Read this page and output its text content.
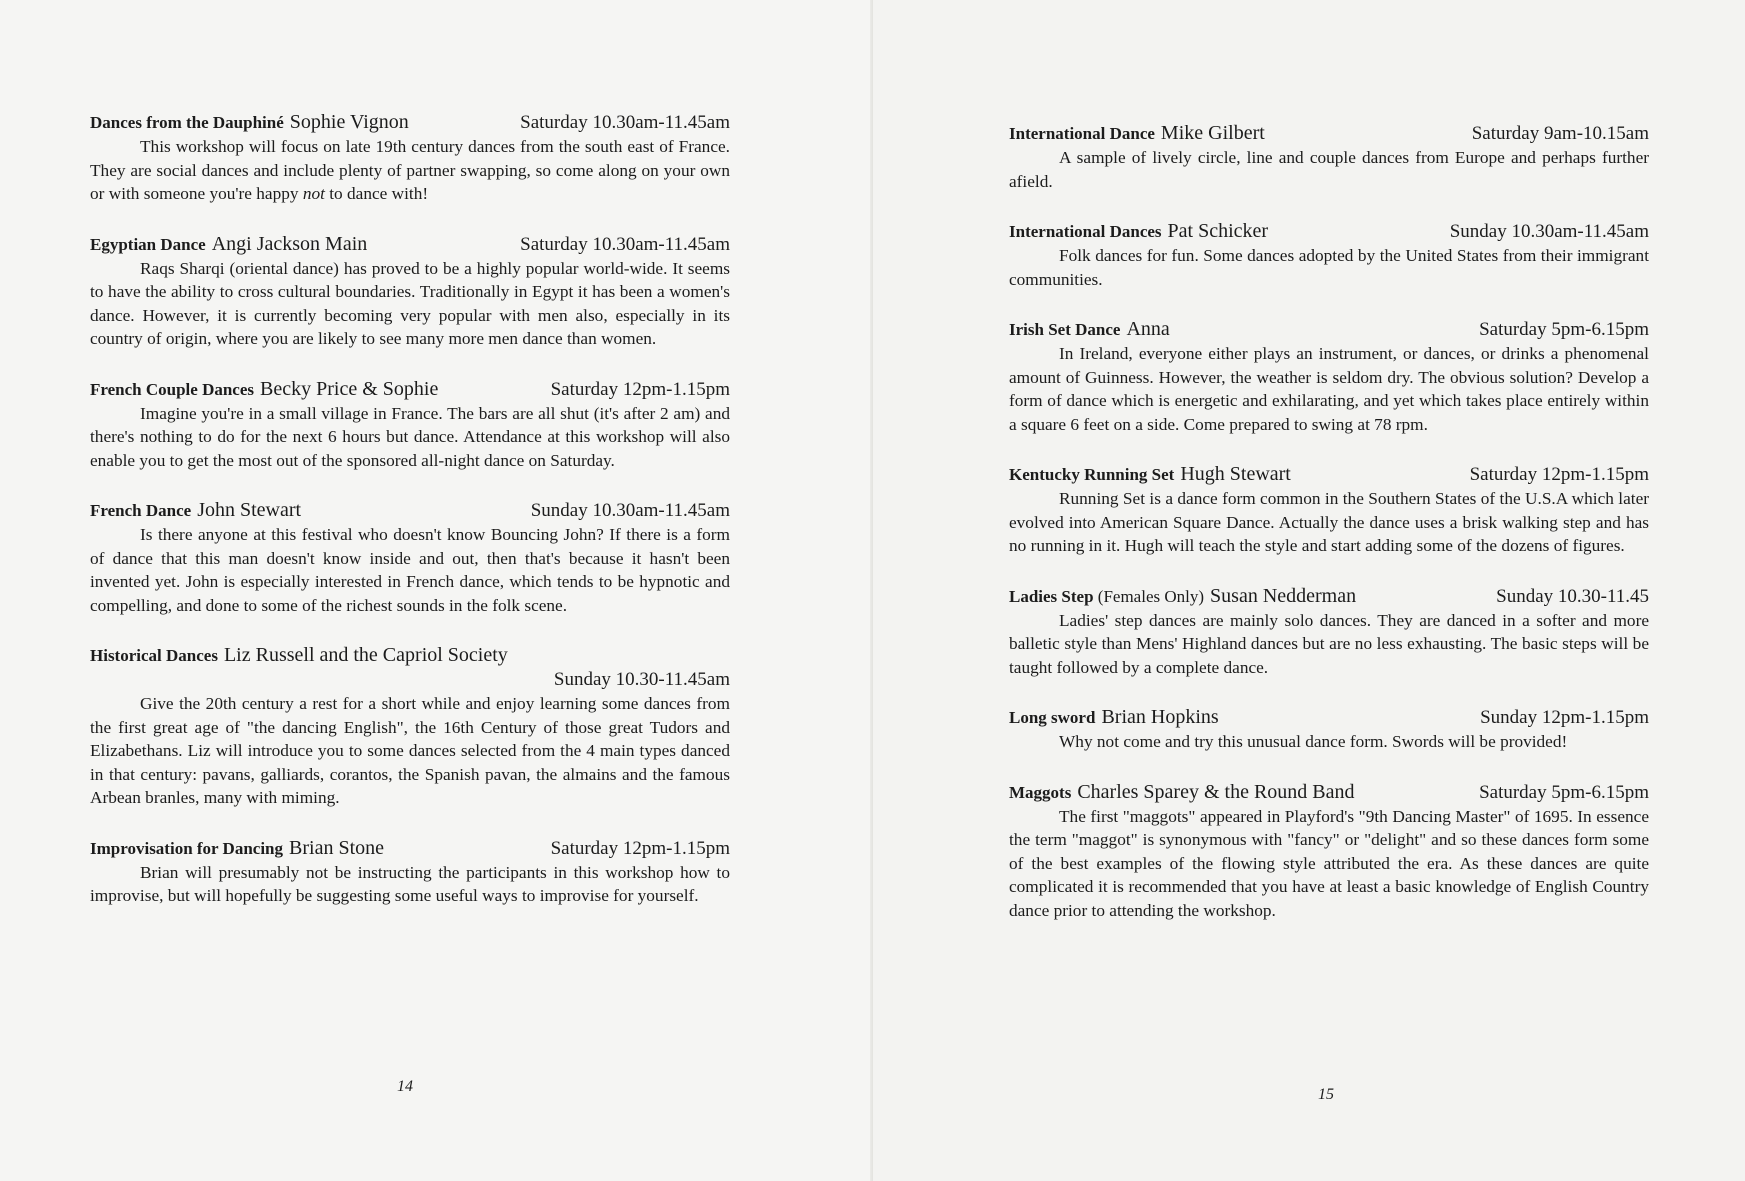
Dances from the Dauphiné Sophie Vignon	Saturday 10.30am-11.45am

This workshop will focus on late 19th century dances from the south east of France. They are social dances and include plenty of partner swapping, so come along on your own or with someone you're happy not to dance with!

Egyptian Dance Angi Jackson Main	Saturday 10.30am-11.45am

Raqs Sharqi (oriental dance) has proved to be a highly popular world-wide. It seems to have the ability to cross cultural boundaries. Traditionally in Egypt it has been a women's dance. However, it is currently becoming very popular with men also, especially in its country of origin, where you are likely to see many more men dance than women.

French Couple Dances Becky Price & Sophie	Saturday 12pm-1.15pm

Imagine you're in a small village in France. The bars are all shut (it's after 2 am) and there's nothing to do for the next 6 hours but dance. Attendance at this workshop will also enable you to get the most out of the sponsored all-night dance on Saturday.

French Dance John Stewart	Sunday 10.30am-11.45am

Is there anyone at this festival who doesn't know Bouncing John? If there is a form of dance that this man doesn't know inside and out, then that's because it hasn't been invented yet. John is especially interested in French dance, which tends to be hypnotic and compelling, and done to some of the richest sounds in the folk scene.

Historical Dances Liz Russell and the Capriol Society
Sunday 10.30-11.45am

Give the 20th century a rest for a short while and enjoy learning some dances from the first great age of "the dancing English", the 16th Century of those great Tudors and Elizabethans. Liz will introduce you to some dances selected from the 4 main types danced in that century: pavans, galliards, corantos, the Spanish pavan, the almains and the famous Arbean branles, many with miming.

Improvisation for Dancing Brian Stone	Saturday 12pm-1.15pm

Brian will presumably not be instructing the participants in this workshop how to improvise, but will hopefully be suggesting some useful ways to improvise for yourself.

14
International Dance Mike Gilbert	Saturday 9am-10.15am

A sample of lively circle, line and couple dances from Europe and perhaps further afield.

International Dances Pat Schicker	Sunday 10.30am-11.45am

Folk dances for fun. Some dances adopted by the United States from their immigrant communities.

Irish Set Dance Anna	Saturday 5pm-6.15pm

In Ireland, everyone either plays an instrument, or dances, or drinks a phenomenal amount of Guinness. However, the weather is seldom dry. The obvious solution? Develop a form of dance which is energetic and exhilarating, and yet which takes place entirely within a square 6 feet on a side. Come prepared to swing at 78 rpm.

Kentucky Running Set Hugh Stewart	Saturday 12pm-1.15pm

Running Set is a dance form common in the Southern States of the U.S.A which later evolved into American Square Dance. Actually the dance uses a brisk walking step and has no running in it. Hugh will teach the style and start adding some of the dozens of figures.

Ladies Step (Females Only) Susan Nedderman	Sunday 10.30-11.45

Ladies' step dances are mainly solo dances. They are danced in a softer and more balletic style than Mens' Highland dances but are no less exhausting. The basic steps will be taught followed by a complete dance.

Long sword Brian Hopkins	Sunday 12pm-1.15pm

Why not come and try this unusual dance form. Swords will be provided!

Maggots Charles Sparey & the Round Band	Saturday 5pm-6.15pm

The first "maggots" appeared in Playford's "9th Dancing Master" of 1695. In essence the term "maggot" is synonymous with "fancy" or "delight" and so these dances form some of the best examples of the flowing style attributed the era. As these dances are quite complicated it is recommended that you have at least a basic knowledge of English Country dance prior to attending the workshop.

15
